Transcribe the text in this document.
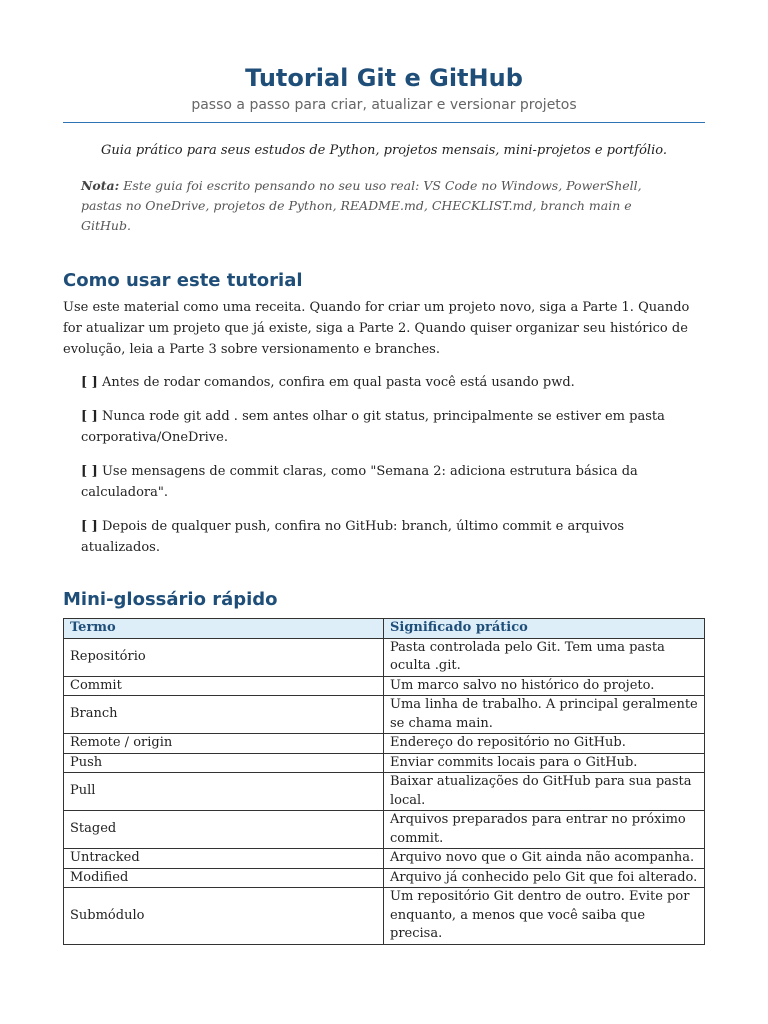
Tutorial Git e GitHub

passo a passo para criar, atualizar e versionar projetos

Guia prático para seus estudos de Python, projetos mensais, mini-projetos e portfólio.

Nota: Este guia foi escrito pensando no seu uso real: VS Code no Windows, PowerShell, pastas no OneDrive, projetos de Python, README.md, CHECKLIST.md, branch main e GitHub.

Como usar este tutorial

Use este material como uma receita. Quando for criar um projeto novo, siga a Parte 1. Quando for atualizar um projeto que já existe, siga a Parte 2. Quando quiser organizar seu histórico de evolução, leia a Parte 3 sobre versionamento e branches.

[ ] Antes de rodar comandos, confira em qual pasta você está usando pwd.
[ ] Nunca rode git add . sem antes olhar o git status, principalmente se estiver em pasta corporativa/OneDrive.
[ ] Use mensagens de commit claras, como "Semana 2: adiciona estrutura básica da calculadora".
[ ] Depois de qualquer push, confira no GitHub: branch, último commit e arquivos atualizados.
Mini-glossário rápido
Termo	Significado prático
Repositório	Pasta controlada pelo Git. Tem uma pasta oculta .git.
Commit	Um marco salvo no histórico do projeto.
Branch	Uma linha de trabalho. A principal geralmente se chama main.
Remote / origin	Endereço do repositório no GitHub.
Push	Enviar commits locais para o GitHub.
Pull	Baixar atualizações do GitHub para sua pasta local.
Staged	Arquivos preparados para entrar no próximo commit.
Untracked	Arquivo novo que o Git ainda não acompanha.
Modified	Arquivo já conhecido pelo Git que foi alterado.
Submódulo	Um repositório Git dentro de outro. Evite por enquanto, a menos que você saiba que precisa.
